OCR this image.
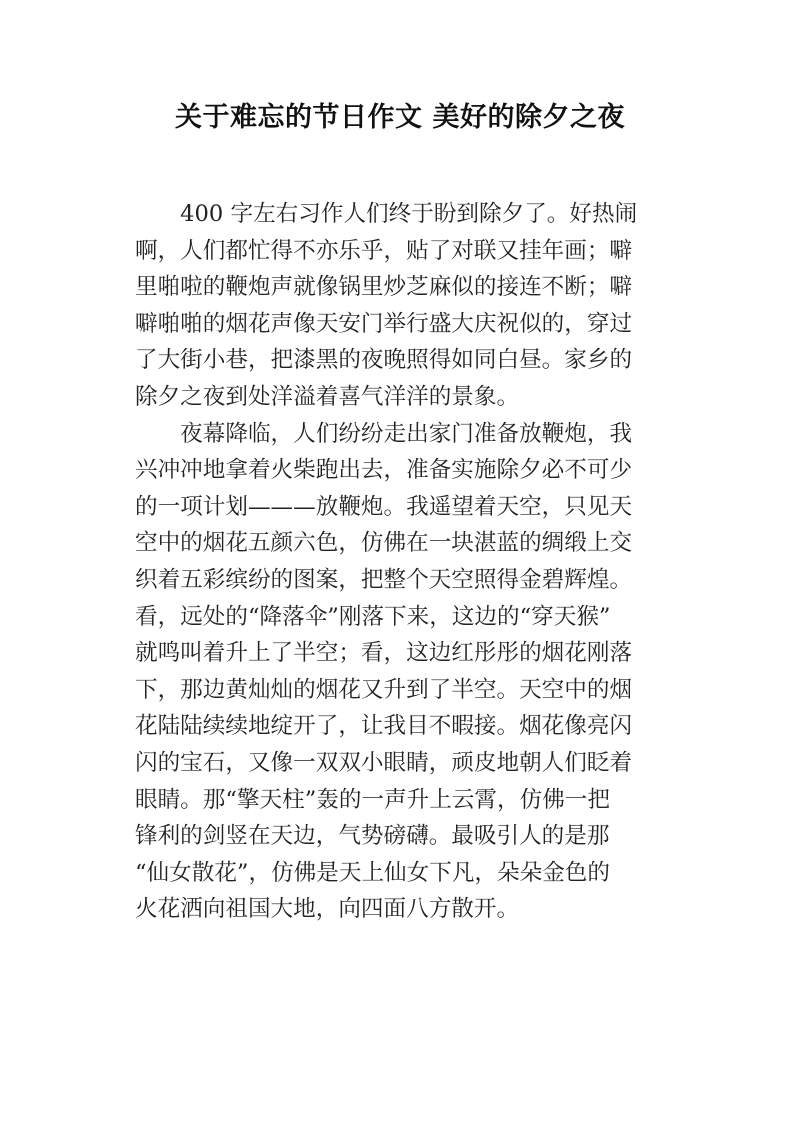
关于难忘的节日作文 美好的除夕之夜
　　400 字左右习作人们终于盼到除夕了。好热闹
啊，人们都忙得不亦乐乎，贴了对联又挂年画；噼
里啪啦的鞭炮声就像锅里炒芝麻似的接连不断；噼
噼啪啪的烟花声像天安门举行盛大庆祝似的，穿过
了大街小巷，把漆黑的夜晚照得如同白昼。家乡的
除夕之夜到处洋溢着喜气洋洋的景象。
　　夜幕降临，人们纷纷走出家门准备放鞭炮，我
兴冲冲地拿着火柴跑出去，准备实施除夕必不可少
的一项计划———放鞭炮。我遥望着天空，只见天
空中的烟花五颜六色，仿佛在一块湛蓝的绸缎上交
织着五彩缤纷的图案，把整个天空照得金碧辉煌。
看，远处的“降落伞”刚落下来，这边的“穿天猴”
就鸣叫着升上了半空；看，这边红彤彤的烟花刚落
下，那边黄灿灿的烟花又升到了半空。天空中的烟
花陆陆续续地绽开了，让我目不暇接。烟花像亮闪
闪的宝石，又像一双双小眼睛，顽皮地朝人们眨着
眼睛。那“擎天柱”轰的一声升上云霄，仿佛一把
锋利的剑竖在天边，气势磅礴。最吸引人的是那
“仙女散花”，仿佛是天上仙女下凡，朵朵金色的
火花洒向祖国大地，向四面八方散开。
